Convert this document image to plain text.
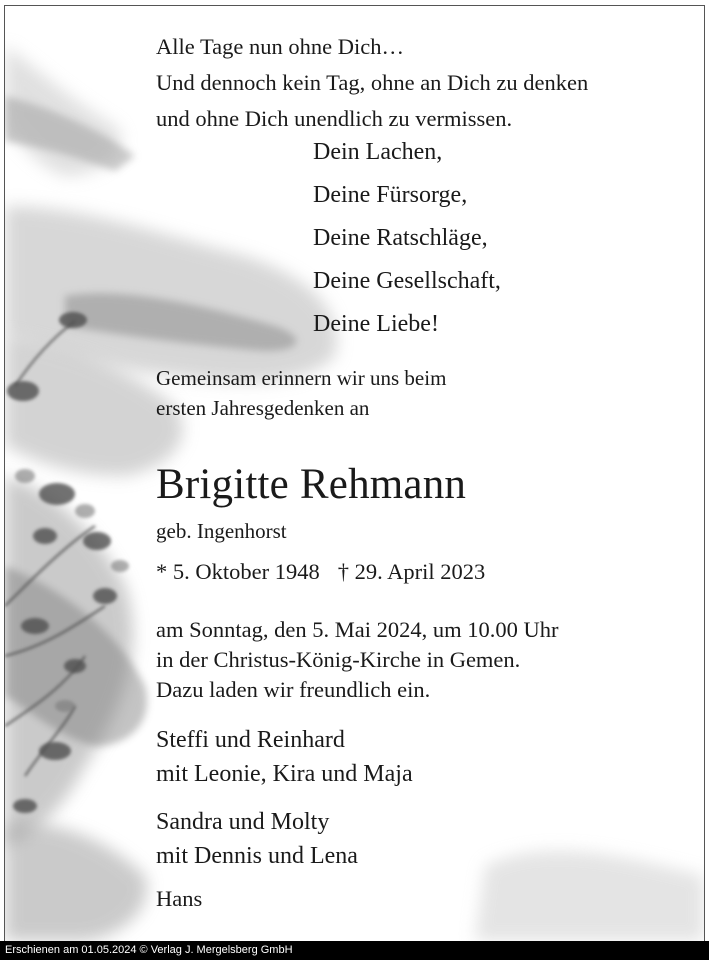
Alle Tage nun ohne Dich…
Und dennoch kein Tag, ohne an Dich zu denken
und ohne Dich unendlich zu vermissen.
Dein Lachen,
Deine Fürsorge,
Deine Ratschläge,
Deine Gesellschaft,
Deine Liebe!
Gemeinsam erinnern wir uns beim
ersten Jahresgedenken an
Brigitte Rehmann
geb. Ingenhorst
* 5. Oktober 1948 † 29. April 2023
am Sonntag, den 5. Mai 2024, um 10.00 Uhr
in der Christus-König-Kirche in Gemen.
Dazu laden wir freundlich ein.
Steffi und Reinhard
mit Leonie, Kira und Maja
Sandra und Molty
mit Dennis und Lena
Hans
Erschienen am 01.05.2024 © Verlag J. Mergelsberg GmbH
